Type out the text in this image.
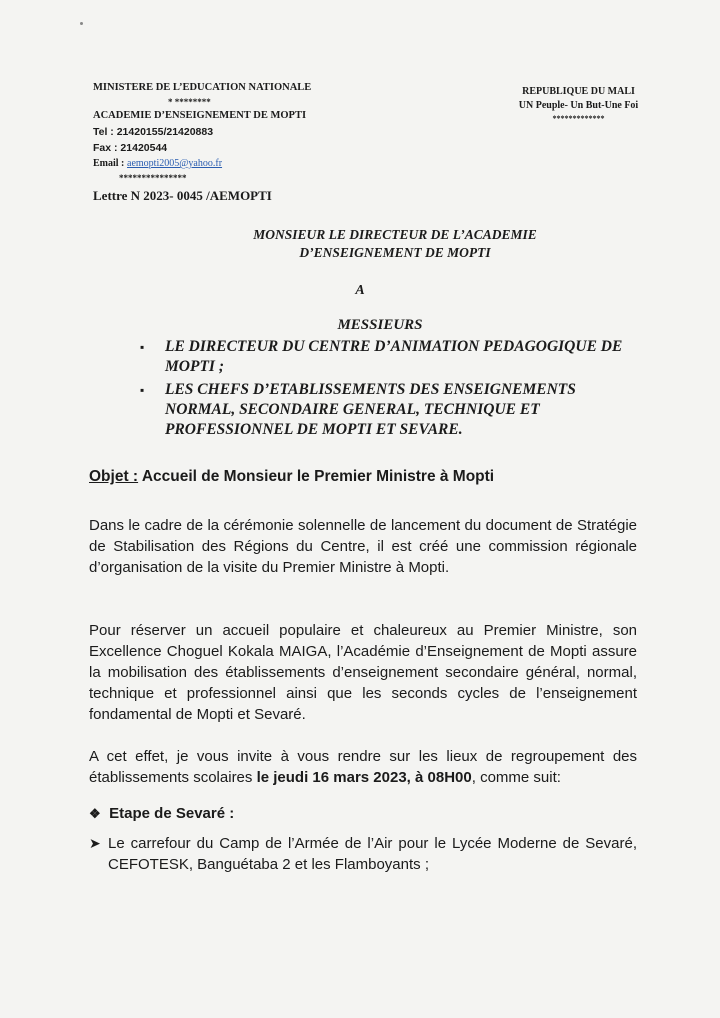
MINISTERE DE L’EDUCATION NATIONALE
* ********
ACADEMIE D’ENSEIGNEMENT DE MOPTI
Tel : 21420155/21420883
Fax : 21420544
Email : aemopti2005@yahoo.fr
***************
Lettre N 2023- 0045 /AEMOPTI
REPUBLIQUE DU MALI
UN Peuple- Un But-Une Foi
*************
MONSIEUR LE DIRECTEUR DE L’ACADEMIE
D’ENSEIGNEMENT DE MOPTI
A
MESSIEURS
▪ LE DIRECTEUR DU CENTRE D’ANIMATION PEDAGOGIQUE DE MOPTI ;
▪ LES CHEFS D’ETABLISSEMENTS DES ENSEIGNEMENTS NORMAL, SECONDAIRE GENERAL, TECHNIQUE ET PROFESSIONNEL DE MOPTI ET SEVARE.
Objet : Accueil de Monsieur le Premier Ministre à Mopti
Dans le cadre de la cérémonie solennelle de lancement du document de Stratégie de Stabilisation des Régions du Centre, il est créé une commission régionale d’organisation de la visite du Premier Ministre à Mopti.
Pour réserver un accueil populaire et chaleureux au Premier Ministre, son Excellence Choguel Kokala MAIGA, l’Académie d’Enseignement de Mopti assure la mobilisation des établissements d’enseignement secondaire général, normal, technique et professionnel ainsi que les seconds cycles de l’enseignement fondamental de Mopti et Sevaré.
A cet effet, je vous invite à vous rendre sur les lieux de regroupement des établissements scolaires le jeudi 16 mars 2023, à 08H00, comme suit:
❖ Etape de Sevaré :
➤ Le carrefour du Camp de l’Armée de l’Air pour le Lycée Moderne de Sevaré, CEFOTESK, Banguétaba 2 et les Flamboyants ;
